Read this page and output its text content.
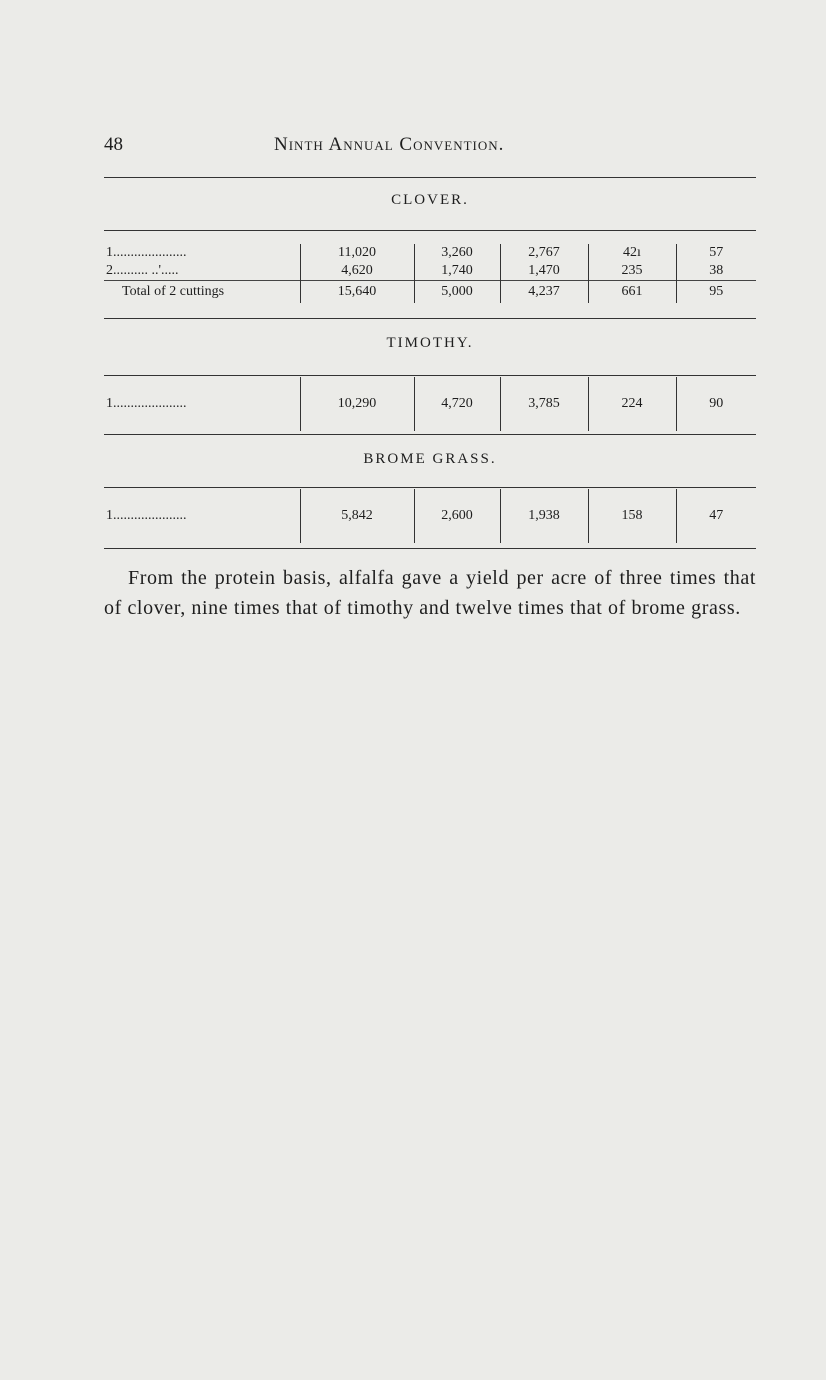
48	Ninth Annual Convention.
CLOVER.
1.....................	11,020	3,260	2,767	42ı	57
2.......... ..'.....	4,620	1,740	1,470	235	38
Total of 2 cuttings	15,640	5,000	4,237	661	95
TIMOTHY.
1.....................	10,290	4,720	3,785	224	90
BROME GRASS.
1.....................	5,842	2,600	1,938	158	47

From the protein basis, alfalfa gave a yield per acre of three times that of clover, nine times that of timothy and twelve times that of brome grass.
